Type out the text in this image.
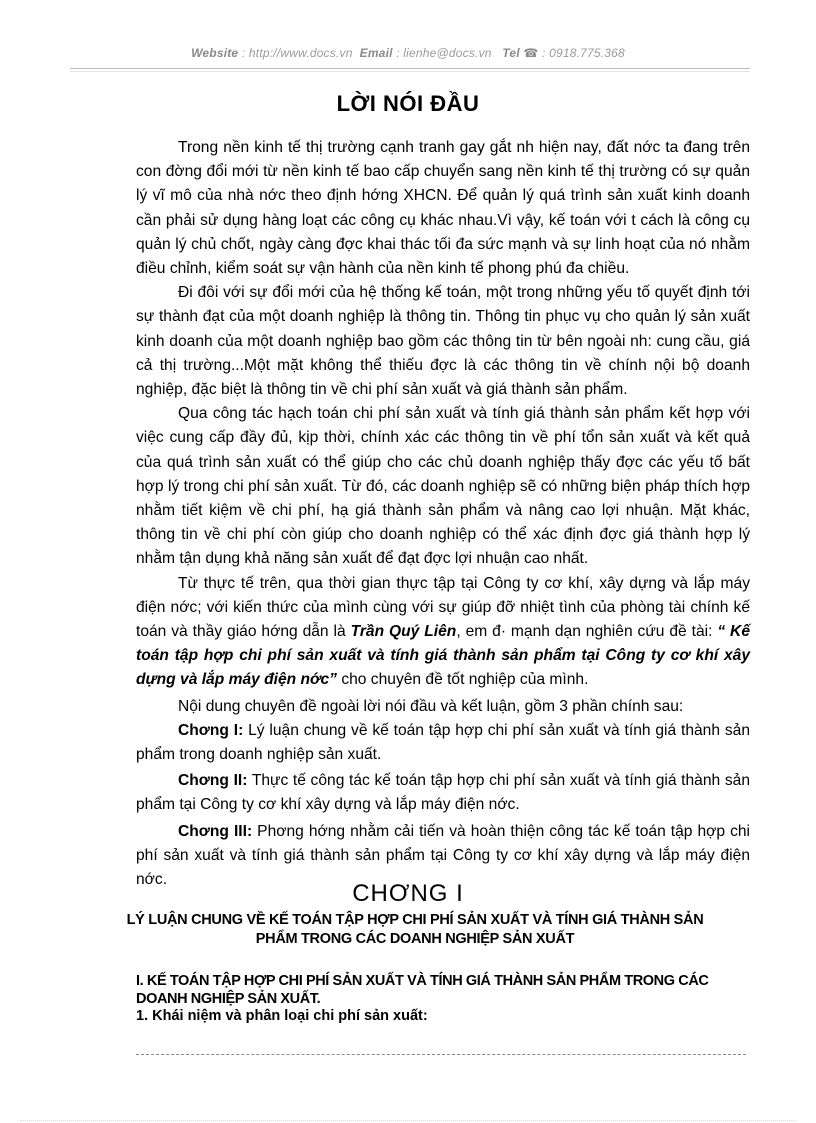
Website : http://www.docs.vn Email : lienhe@docs.vn Tel ☎ : 0918.775.368
LỜI NÓI ĐẦU

Trong nền kinh tế thị trường cạnh tranh gay gắt nh hiện nay, đất nớc ta đang trên con đờng đổi mới từ nền kinh tế bao cấp chuyển sang nền kinh tế thị trường có sự quản lý vĩ mô của nhà nớc theo định hớng XHCN. Để quản lý quá trình sản xuất kinh doanh cần phải sử dụng hàng loạt các công cụ khác nhau.Vì vậy, kế toán với t cách là công cụ quản lý chủ chốt, ngày càng đợc khai thác tối đa sức mạnh và sự linh hoạt của nó nhằm điều chỉnh, kiểm soát sự vận hành của nền kinh tế phong phú đa chiều.

Đi đôi với sự đổi mới của hệ thống kế toán, một trong những yếu tố quyết định tới sự thành đạt của một doanh nghiệp là thông tin. Thông tin phục vụ cho quản lý sản xuất kinh doanh của một doanh nghiệp bao gồm các thông tin từ bên ngoài nh: cung cầu, giá cả thị trường...Một mặt không thể thiếu đợc là các thông tin về chính nội bộ doanh nghiệp, đặc biệt là thông tin về chi phí sản xuất và giá thành sản phẩm.

Qua công tác hạch toán chi phí sản xuất và tính giá thành sản phẩm kết hợp với việc cung cấp đầy đủ, kịp thời, chính xác các thông tin về phí tổn sản xuất và kết quả của quá trình sản xuất có thể giúp cho các chủ doanh nghiệp thấy đợc các yếu tố bất hợp lý trong chi phí sản xuất. Từ đó, các doanh nghiệp sẽ có những biện pháp thích hợp nhằm tiết kiệm về chi phí, hạ giá thành sản phẩm và nâng cao lợi nhuận. Mặt khác, thông tin về chi phí còn giúp cho doanh nghiệp có thể xác định đợc giá thành hợp lý nhằm tận dụng khả năng sản xuất để đạt đợc lợi nhuận cao nhất.

Từ thực tế trên, qua thời gian thực tập tại Công ty cơ khí, xây dựng và lắp máy điện nớc; với kiến thức của mình cùng với sự giúp đỡ nhiệt tình của phòng tài chính kế toán và thầy giáo hớng dẫn là Trần Quý Liên, em đ· mạnh dạn nghiên cứu đề tài: “ Kế toán tập hợp chi phí sản xuất và tính giá thành sản phẩm tại Công ty cơ khí xây dựng và lắp máy điện nớc” cho chuyên đề tốt nghiệp của mình.

Nội dung chuyên đề ngoài lời nói đầu và kết luận, gồm 3 phần chính sau:

Chơng I: Lý luận chung về kế toán tập hợp chi phí sản xuất và tính giá thành sản phẩm trong doanh nghiệp sản xuất.

Chơng II: Thực tế công tác kế toán tập hợp chi phí sản xuất và tính giá thành sản phẩm tại Công ty cơ khí xây dựng và lắp máy điện nớc.

Chơng III: Phơng hớng nhằm cải tiến và hoàn thiện công tác kế toán tập hợp chi phí sản xuất và tính giá thành sản phẩm tại Công ty cơ khí xây dựng và lắp máy điện nớc.

CHƠNG I
LÝ LUẬN CHUNG VỀ KẾ TOÁN TẬP HỢP CHI PHÍ SẢN XUẤT VÀ TÍNH GIÁ THÀNH SẢN PHẨM TRONG CÁC DOANH NGHIỆP SẢN XUẤT
I. KẾ TOÁN TẬP HỢP CHI PHÍ SẢN XUẤT VÀ TÍNH GIÁ THÀNH SẢN PHẨM TRONG CÁC DOANH NGHIỆP SẢN XUẤT.
1. Khái niệm và phân loại chi phí sản xuất:
